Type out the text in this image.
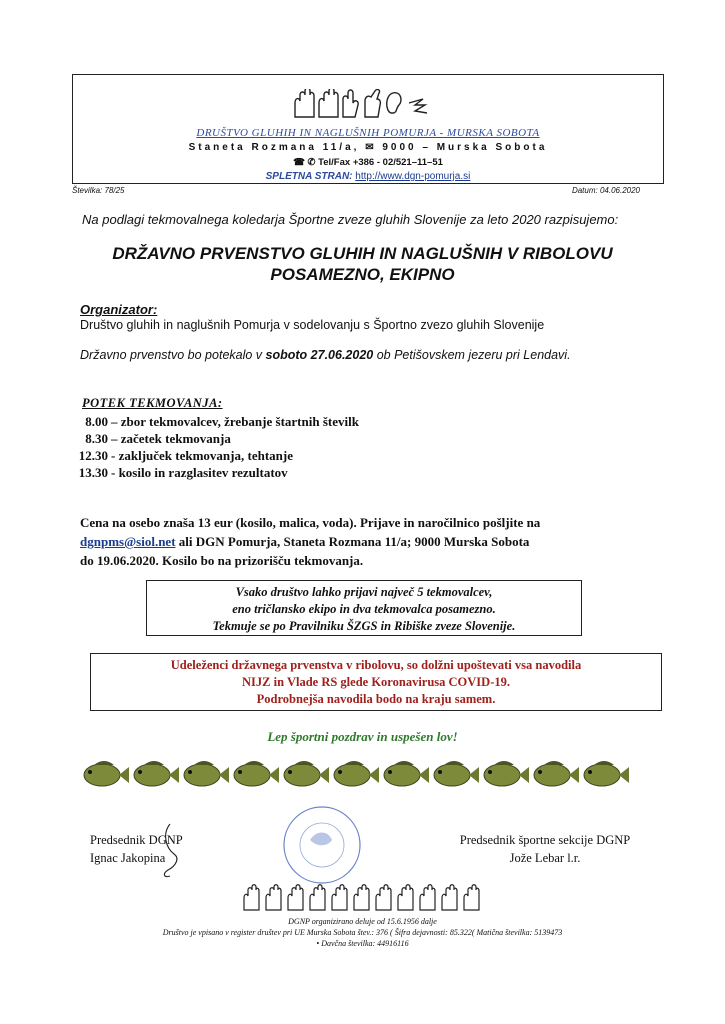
DRUŠTVO GLUHIH IN NAGLUŠNIH POMURJA - MURSKA SOBOTA
Staneta Rozmana 11/a, ✉ 9000 – Murska Sobota
☎ ✆ Tel/Fax +386 - 02/521–11–51
SPLETNA STRAN: http://www.dgn-pomurja.si
Številka: 78/25	Datum: 04.06.2020
Na podlagi tekmovalnega koledarja Športne zveze gluhih Slovenije za leto 2020 razpisujemo:
DRŽAVNO PRVENSTVO GLUHIH IN NAGLUŠNIH V RIBOLOVU
POSAMEZNO, EKIPNO
Organizator:
Društvo gluhih in naglušnih Pomurja v sodelovanju s Športno zvezo gluhih Slovenije
Državno prvenstvo bo potekalo v soboto 27.06.2020 ob Petišovskem jezeru pri Lendavi.
POTEK TEKMOVANJA:
8.00 – zbor tekmovalcev, žrebanje štartnih številk
8.30 – začetek tekmovanja
12.30 - zaključek tekmovanja, tehtanje
13.30 - kosilo in razglasitev rezultatov
Cena na osebo znaša 13 eur (kosilo, malica, voda). Prijave in naročilnico pošljite na
dgnpms@siol.net ali DGN Pomurja, Staneta Rozmana 11/a; 9000 Murska Sobota
do 19.06.2020. Kosilo bo na prizorišču tekmovanja.
Vsako društvo lahko prijavi največ 5 tekmovalcev,
eno tričlansko ekipo in dva tekmovalca posamezno.
Tekmuje se po Pravilniku ŠZGS in Ribiške zveze Slovenije.
Udeleženci državnega prvenstva v ribolovu, so dolžni upoštevati vsa navodila
NIJZ in Vlade RS glede Koronavirusa COVID-19.
Podrobnejša navodila bodo na kraju samem.
Lep športni pozdrav in uspešen lov!
Predsednik DGNP
Ignac Jakopina
Predsednik športne sekcije DGNP
Jože Lebar l.r.
DGNP organizirano deluje od 15.6.1956 dalje
Društvo je vpisano v register društev pri UE Murska Sobota štev.: 376 ( Šifra dejavnosti: 85.322( Matična številka: 5139473
• Davčna številka: 44916116
